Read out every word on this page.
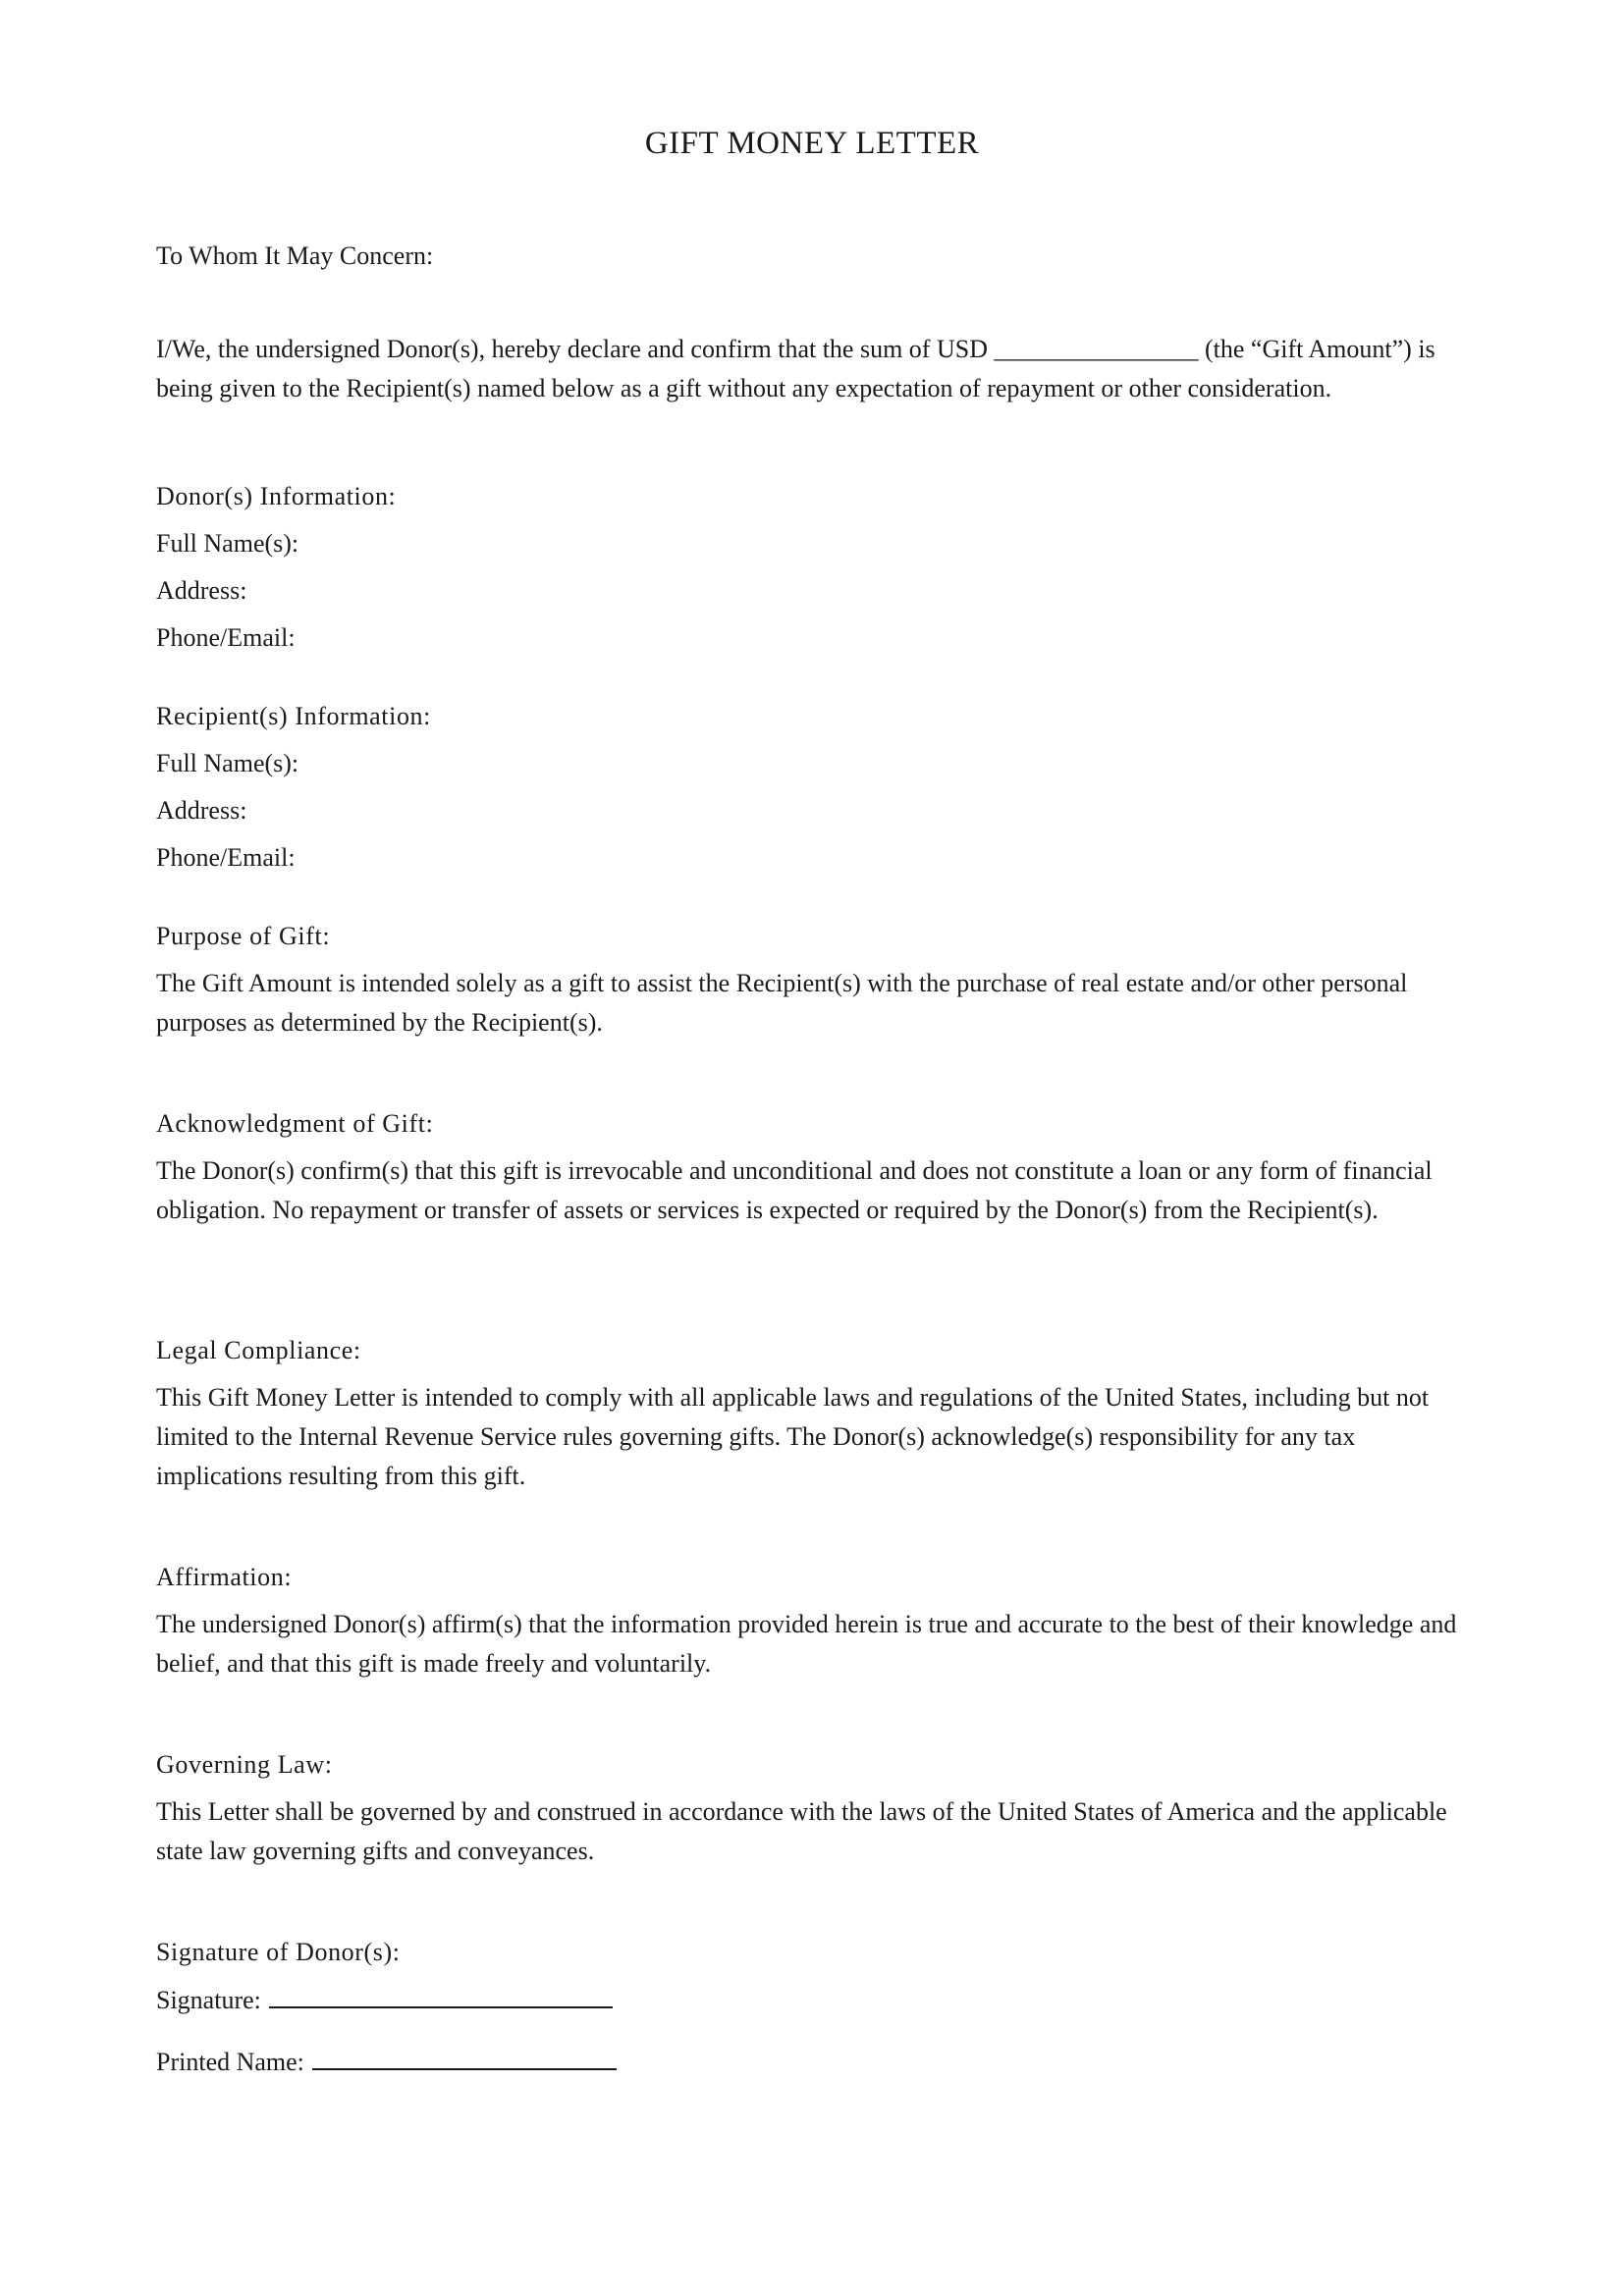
GIFT MONEY LETTER

To Whom It May Concern:

I/We, the undersigned Donor(s), hereby declare and confirm that the sum of USD ________________ (the “Gift Amount”) is being given to the Recipient(s) named below as a gift without any expectation of repayment or other consideration.

Donor(s) Information:

Full Name(s):

Address:

Phone/Email:

Recipient(s) Information:

Full Name(s):

Address:

Phone/Email:

Purpose of Gift:

The Gift Amount is intended solely as a gift to assist the Recipient(s) with the purchase of real estate and/or other personal purposes as determined by the Recipient(s).

Acknowledgment of Gift:

The Donor(s) confirm(s) that this gift is irrevocable and unconditional and does not constitute a loan or any form of financial obligation. No repayment or transfer of assets or services is expected or required by the Donor(s) from the Recipient(s).

Legal Compliance:

This Gift Money Letter is intended to comply with all applicable laws and regulations of the United States, including but not limited to the Internal Revenue Service rules governing gifts. The Donor(s) acknowledge(s) responsibility for any tax implications resulting from this gift.

Affirmation:

The undersigned Donor(s) affirm(s) that the information provided herein is true and accurate to the best of their knowledge and belief, and that this gift is made freely and voluntarily.

Governing Law:

This Letter shall be governed by and construed in accordance with the laws of the United States of America and the applicable state law governing gifts and conveyances.

Signature of Donor(s):

Signature:

Printed Name:
